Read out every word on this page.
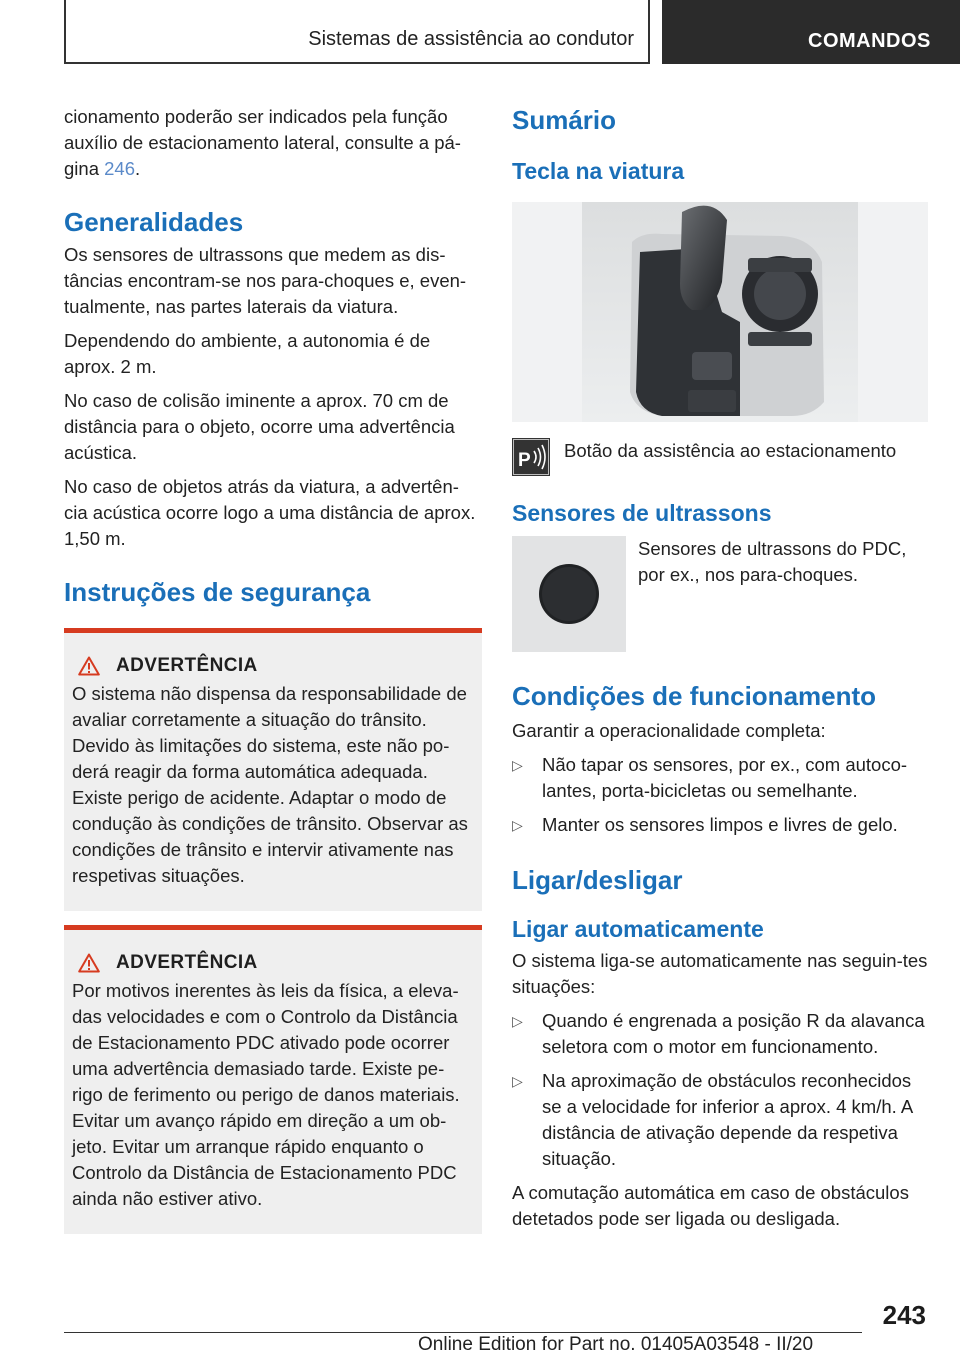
Sistemas de assistência ao condutor	COMANDOS

cionamento poderão ser indicados pela função auxílio de estacionamento lateral, consulte a pá-gina 246.

Generalidades

Os sensores de ultrassons que medem as dis-tâncias encontram-se nos para-choques e, even-tualmente, nas partes laterais da viatura.

Dependendo do ambiente, a autonomia é de aprox. 2 m.

No caso de colisão iminente a aprox. 70 cm de distância para o objeto, ocorre uma advertência acústica.

No caso de objetos atrás da viatura, a advertên-cia acústica ocorre logo a uma distância de aprox. 1,50 m.

Instruções de segurança
ADVERTÊNCIA

O sistema não dispensa da responsabilidade de avaliar corretamente a situação do trânsito. Devido às limitações do sistema, este não po-derá reagir da forma automática adequada. Existe perigo de acidente. Adaptar o modo de condução às condições de trânsito. Observar as condições de trânsito e intervir ativamente nas respetivas situações.

ADVERTÊNCIA

Por motivos inerentes às leis da física, a eleva-das velocidades e com o Controlo da Distância de Estacionamento PDC ativado pode ocorrer uma advertência demasiado tarde. Existe pe-rigo de ferimento ou perigo de danos materiais. Evitar um avanço rápido em direção a um ob-jeto. Evitar um arranque rápido enquanto o Controlo da Distância de Estacionamento PDC ainda não estiver ativo.

Sumário
Tecla na viatura
P Botão da assistência ao estacionamento

Sensores de ultrassons

Sensores de ultrassons do PDC, por ex., nos para-choques.

Condições de funcionamento

Garantir a operacionalidade completa:

▷ Não tapar os sensores, por ex., com autoco-lantes, porta-bicicletas ou semelhante.
▷ Manter os sensores limpos e livres de gelo.
Ligar/desligar
Ligar automaticamente

O sistema liga-se automaticamente nas seguin-tes situações:

▷ Quando é engrenada a posição R da alavanca seletora com o motor em funcionamento.
▷ Na aproximação de obstáculos reconhecidos se a velocidade for inferior a aprox. 4 km/h. A distância de ativação depende da respetiva situação.

A comutação automática em caso de obstáculos detetados pode ser ligada ou desligada.

243
Online Edition for Part no. 01405A03548 - II/20
